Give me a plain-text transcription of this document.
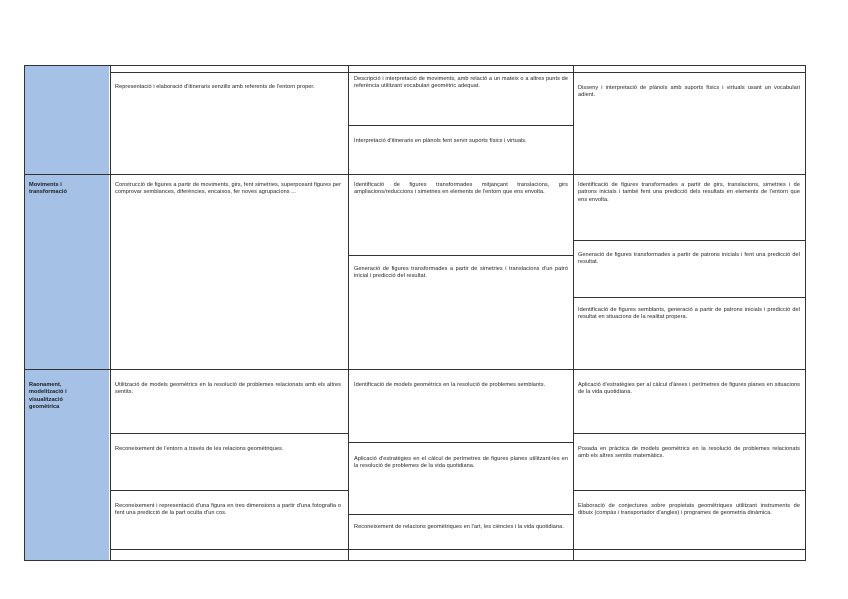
Representació i elaboració d'itineraris senzills amb referents de l'entorn proper.
Descripció i interpretació de moviments, amb relació a un mateix o a altres punts de referència utilitzant vocabulari geomètric adequat.
Interpretació d'itineraris en plànols fent servir suports físics i virtuals.
Disseny i interpretació de plànols amb suports físics i virtuals usant un vocabulari adient.
Moviments i transformació
Construcció de figures a partir de moviments, girs, fent simetries, superposant figures per comprovar semblances, diferències, encaixos, fer noves agrupacions ...
Identificació de figures transformades mitjançant translacions, girs ampliacions/reduccions i simetries en elements de l'entorn que ens envolta.
Generació de figures transformades a partir de simetries i translacions d'un patró inicial i predicció del resultat.
Identificació de figures transformades a partir de girs, translacions, simetries i de patrons inicials i també fent una predicció dels resultats en elements de l'entorn que ens envolta.
Generació de figures transformades a partir de patrons inicials i fent una predicció del resultat.
Identificació de figures semblants, generació a partir de patrons inicials i predicció del resultat en situacions de la realitat propera.
Raonament, modelització i visualització geomètrica
Utilització de models geomètrics en la resolució de problemes relacionats amb els altres sentits.
Reconeixement de l'entorn a través de les relacions geomètriques.
Reconeixement i representació d'una figura en tres dimensions a partir d'una fotografia o fent una predicció de la part oculta d'un cos.
Identificació de models geomètrics en la resolució de problemes semblants.
Aplicació d'estratègies en el càlcul de perímetres de figures planes utilitzant-les en la resolució de problemes de la vida quotidiana.
Reconeixement de relacions geomètriques en l'art, les ciències i la vida quotidiana.
Aplicació d'estratègies per al càlcul d'àrees i perímetres de figures planes en situacions de la vida quotidiana.
Posada en pràctica de models geomètrics en la resolució de problemes relacionats amb els altres sentits matemàtics.
Elaboració de conjectures sobre propietats geomètriques utilitzant instruments de dibuix (compàs i transportador d'angles) i programes de geometria dinàmica.
